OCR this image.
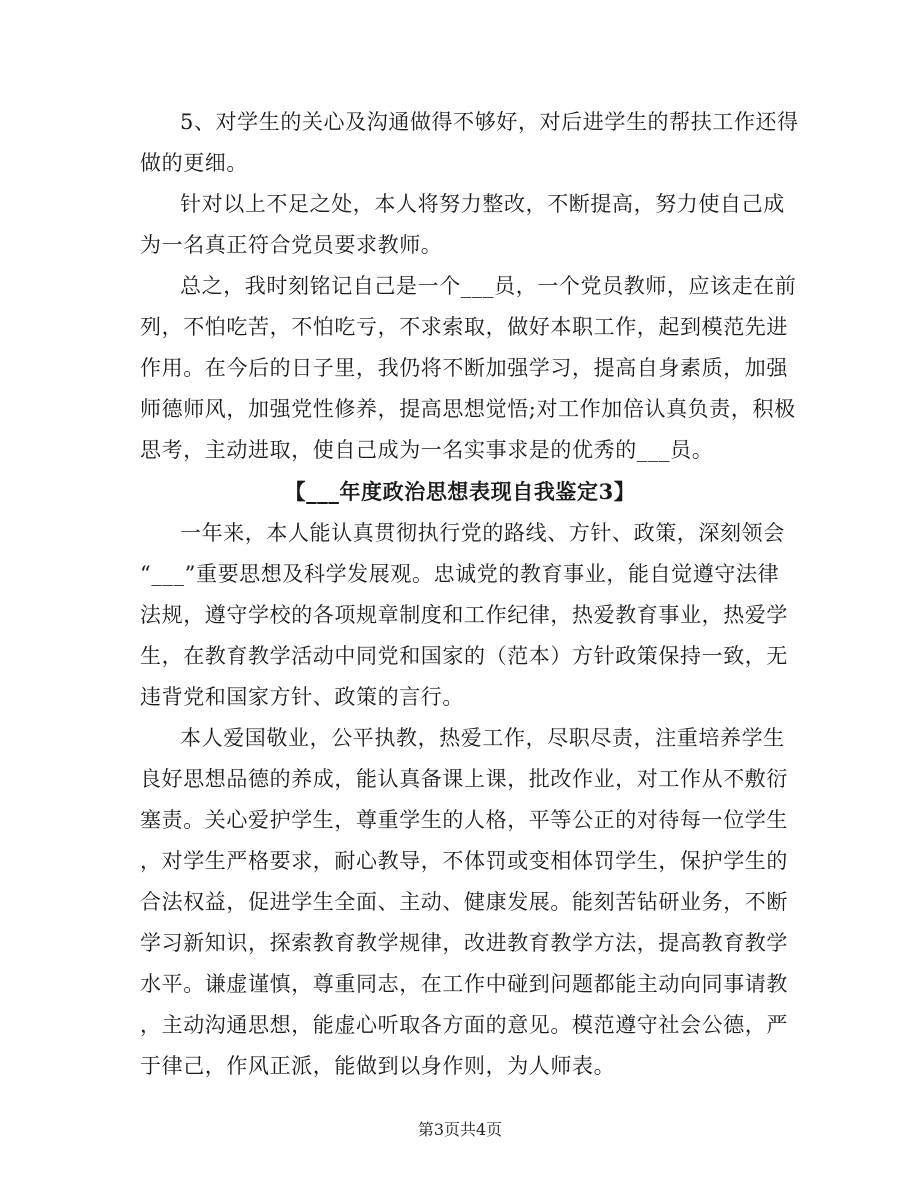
5、对学生的关心及沟通做得不够好，对后进学生的帮扶工作还得
做的更细。
针对以上不足之处，本人将努力整改，不断提高，努力使自己成
为一名真正符合党员要求教师。
总之，我时刻铭记自己是一个___员，一个党员教师，应该走在前
列，不怕吃苦，不怕吃亏，不求索取，做好本职工作，起到模范先进
作用。在今后的日子里，我仍将不断加强学习，提高自身素质，加强
师德师风，加强党性修养，提高思想觉悟;对工作加倍认真负责，积极
思考，主动进取，使自己成为一名实事求是的优秀的___员。
【___年度政治思想表现自我鉴定3】
一年来，本人能认真贯彻执行党的路线、方针、政策，深刻领会
“___”重要思想及科学发展观。忠诚党的教育事业，能自觉遵守法律
法规，遵守学校的各项规章制度和工作纪律，热爱教育事业，热爱学
生，在教育教学活动中同党和国家的（范本）方针政策保持一致，无
违背党和国家方针、政策的言行。
本人爱国敬业，公平执教，热爱工作，尽职尽责，注重培养学生
良好思想品德的养成，能认真备课上课，批改作业，对工作从不敷衍
塞责。关心爱护学生，尊重学生的人格，平等公正的对待每一位学生
，对学生严格要求，耐心教导，不体罚或变相体罚学生，保护学生的
合法权益，促进学生全面、主动、健康发展。能刻苦钻研业务，不断
学习新知识，探索教育教学规律，改进教育教学方法，提高教育教学
水平。谦虚谨慎，尊重同志，在工作中碰到问题都能主动向同事请教
，主动沟通思想，能虚心听取各方面的意见。模范遵守社会公德，严
于律己，作风正派，能做到以身作则，为人师表。
第3页共4页
